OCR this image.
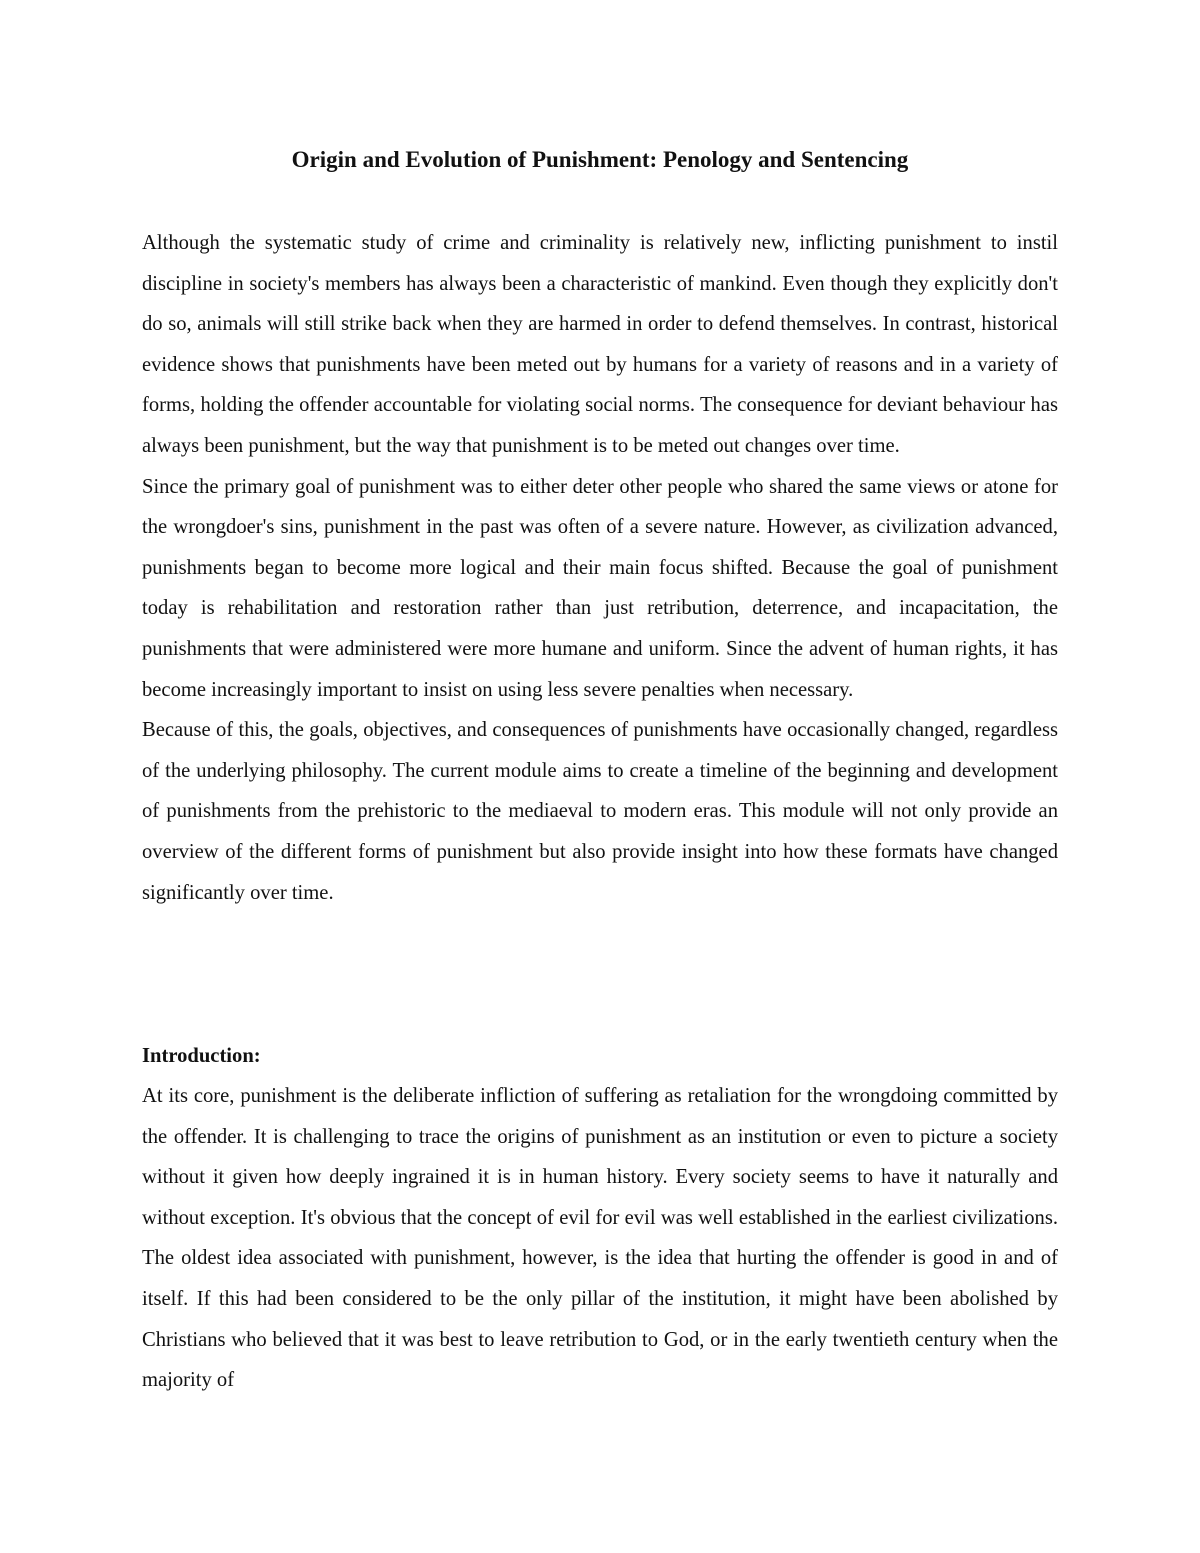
Origin and Evolution of Punishment: Penology and Sentencing

Although the systematic study of crime and criminality is relatively new, inflicting punishment to instil discipline in society's members has always been a characteristic of mankind. Even though they explicitly don't do so, animals will still strike back when they are harmed in order to defend themselves. In contrast, historical evidence shows that punishments have been meted out by humans for a variety of reasons and in a variety of forms, holding the offender accountable for violating social norms. The consequence for deviant behaviour has always been punishment, but the way that punishment is to be meted out changes over time.

Since the primary goal of punishment was to either deter other people who shared the same views or atone for the wrongdoer's sins, punishment in the past was often of a severe nature. However, as civilization advanced, punishments began to become more logical and their main focus shifted. Because the goal of punishment today is rehabilitation and restoration rather than just retribution, deterrence, and incapacitation, the punishments that were administered were more humane and uniform. Since the advent of human rights, it has become increasingly important to insist on using less severe penalties when necessary.

Because of this, the goals, objectives, and consequences of punishments have occasionally changed, regardless of the underlying philosophy. The current module aims to create a timeline of the beginning and development of punishments from the prehistoric to the mediaeval to modern eras. This module will not only provide an overview of the different forms of punishment but also provide insight into how these formats have changed significantly over time.

Introduction:

At its core, punishment is the deliberate infliction of suffering as retaliation for the wrongdoing committed by the offender. It is challenging to trace the origins of punishment as an institution or even to picture a society without it given how deeply ingrained it is in human history. Every society seems to have it naturally and without exception. It's obvious that the concept of evil for evil was well established in the earliest civilizations. The oldest idea associated with punishment, however, is the idea that hurting the offender is good in and of itself. If this had been considered to be the only pillar of the institution, it might have been abolished by Christians who believed that it was best to leave retribution to God, or in the early twentieth century when the majority of
